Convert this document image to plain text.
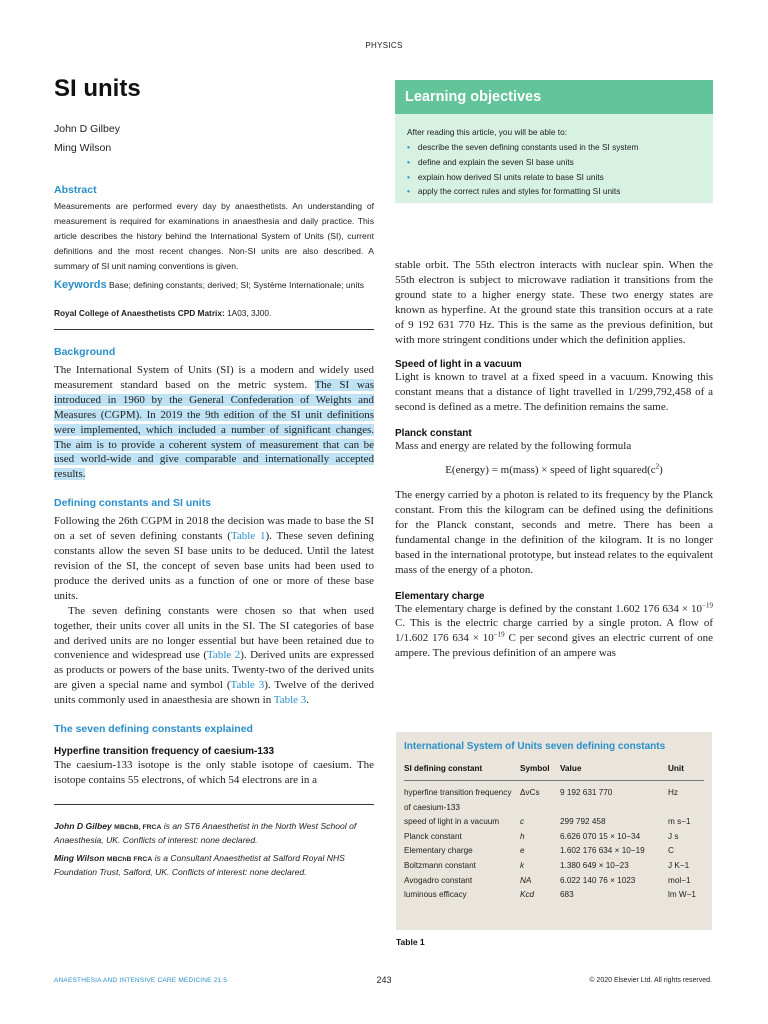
PHYSICS
SI units
John D Gilbey
Ming Wilson
Abstract

Measurements are performed every day by anaesthetists. An understanding of measurement is required for examinations in anaesthesia and daily practice. This article describes the history behind the International System of Units (SI), current definitions and the most recent changes. Non-SI units are also described. A summary of SI unit naming conventions is given.

Keywords Base; defining constants; derived; SI; Système Internationale; units

Royal College of Anaesthetists CPD Matrix: 1A03, 3J00.

Background

The International System of Units (SI) is a modern and widely used measurement standard based on the metric system. The SI was introduced in 1960 by the General Confederation of Weights and Measures (CGPM). In 2019 the 9th edition of the SI unit definitions were implemented, which included a number of significant changes. The aim is to provide a coherent system of measurement that can be used world-wide and give comparable and internationally accepted results.

Defining constants and SI units

Following the 26th CGPM in 2018 the decision was made to base the SI on a set of seven defining constants (Table 1). These seven defining constants allow the seven SI base units to be deduced. Until the latest revision of the SI, the concept of seven base units had been used to produce the derived units as a function of one or more of these base units.

The seven defining constants were chosen so that when used together, their units cover all units in the SI. The SI categories of base and derived units are no longer essential but have been retained due to convenience and widespread use (Table 2). Derived units are expressed as products or powers of the base units. Twenty-two of the derived units are given a special name and symbol (Table 3). Twelve of the derived units commonly used in anaesthesia are shown in Table 3.

The seven defining constants explained
Hyperfine transition frequency of caesium-133

The caesium-133 isotope is the only stable isotope of caesium. The isotope contains 55 electrons, of which 54 electrons are in a

John D Gilbey MBChB, FRCA is an ST6 Anaesthetist in the North West School of Anaesthesia, UK. Conflicts of interest: none declared.

Ming Wilson MBChB FRCA is a Consultant Anaesthetist at Salford Royal NHS Foundation Trust, Salford, UK. Conflicts of interest: none declared.

Learning objectives

After reading this article, you will be able to:

• describe the seven defining constants used in the SI system
• define and explain the seven SI base units
• explain how derived SI units relate to base SI units
• apply the correct rules and styles for formatting SI units

stable orbit. The 55th electron interacts with nuclear spin. When the 55th electron is subject to microwave radiation it transitions from the ground state to a higher energy state. These two energy states are known as hyperfine. At the ground state this transition occurs at a rate of 9 192 631 770 Hz. This is the same as the previous definition, but with more stringent conditions under which the definition applies.

Speed of light in a vacuum

Light is known to travel at a fixed speed in a vacuum. Knowing this constant means that a distance of light travelled in 1/299,792,458 of a second is defined as a metre. The definition remains the same.

Planck constant

Mass and energy are related by the following formula

E(energy) = m(mass) × speed of light $squared(c^2)$

The energy carried by a photon is related to its frequency by the Planck constant. From this the kilogram can be defined using the definitions for the Planck constant, seconds and metre. There has been a fundamental change in the definition of the kilogram. It is no longer based in the international prototype, but instead relates to the equivalent mass of the energy of a photon.

Elementary charge

The elementary charge is defined by the constant 1.602 176 $634 \times 10^{-19}$ C. This is the electric charge carried by a single proton. A flow of 1/1.602 176 $634 \times 10^{-19}$ C per second gives an electric current of one ampere. The previous definition of an ampere was

International System of Units seven defining constants
SI defining constant	Symbol	Value	Unit
hyperfine transition frequency of caesium-133	ΔνCs	9 192 631 770	Hz
speed of light in a vacuum	c	299 792 458	m s−1
Planck constant	h	6.626 070 15 × 10−34	J s
Elementary charge	e	1.602 176 634 × 10−19	C
Boltzmann constant	k	1.380 649 × 10−23	J K−1
Avogadro constant	NA	6.022 140 76 × 1023	mol−1
luminous efficacy	Kcd	683	lm W−1
Table 1
ANAESTHESIA AND INTENSIVE CARE MEDICINE 21:5	243	© 2020 Elsevier Ltd. All rights reserved.
